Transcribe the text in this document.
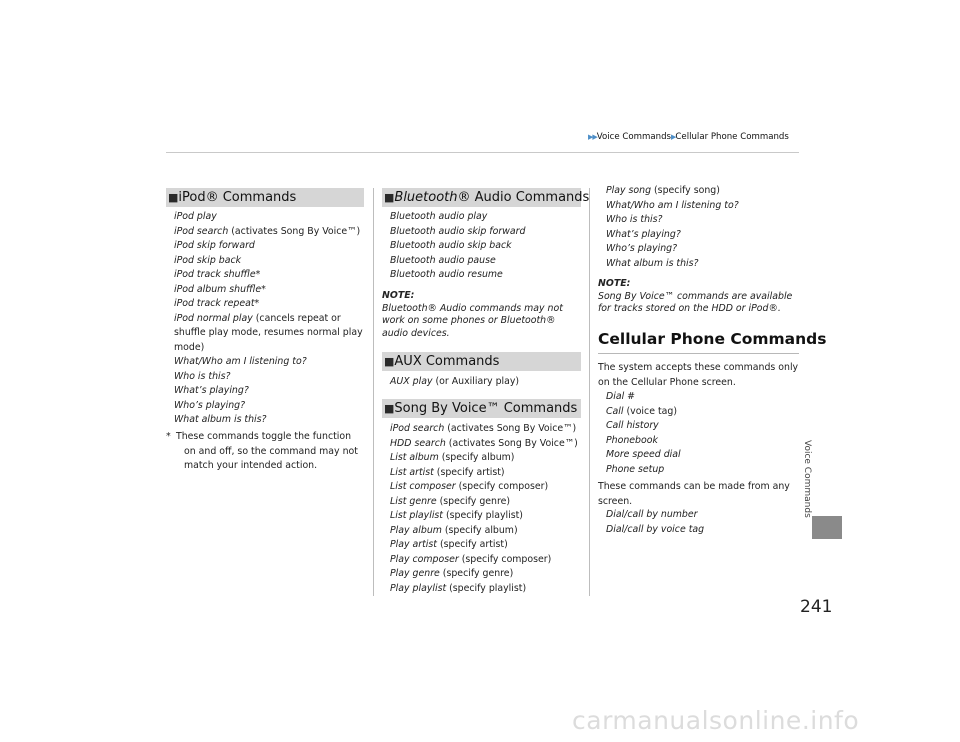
▶▶Voice Commands▶Cellular Phone Commands
■iPod® Commands
iPod play
iPod search (activates Song By Voice™)
iPod skip forward
iPod skip back
iPod track shuffle*
iPod album shuffle*
iPod track repeat*
iPod normal play (cancels repeat or
shuffle play mode, resumes normal play
mode)
What/Who am I listening to?
Who is this?
What’s playing?
Who’s playing?
What album is this?
* These commands toggle the function
on and off, so the command may not
match your intended action.
■Bluetooth® Audio Commands
Bluetooth audio play
Bluetooth audio skip forward
Bluetooth audio skip back
Bluetooth audio pause
Bluetooth audio resume
NOTE:
Bluetooth® Audio commands may not
work on some phones or Bluetooth®
audio devices.
■AUX Commands
AUX play (or Auxiliary play)
■Song By Voice™ Commands
iPod search (activates Song By Voice™)
HDD search (activates Song By Voice™)
List album (specify album)
List artist (specify artist)
List composer (specify composer)
List genre (specify genre)
List playlist (specify playlist)
Play album (specify album)
Play artist (specify artist)
Play composer (specify composer)
Play genre (specify genre)
Play playlist (specify playlist)
Play song (specify song)
What/Who am I listening to?
Who is this?
What’s playing?
Who’s playing?
What album is this?
NOTE:
Song By Voice™ commands are available
for tracks stored on the HDD or iPod®.
Cellular Phone Commands
The system accepts these commands only
on the Cellular Phone screen.
Dial #
Call (voice tag)
Call history
Phonebook
More speed dial
Phone setup
These commands can be made from any
screen.
Dial/call by number
Dial/call by voice tag
Voice Commands
241
carmanualsonline.info
